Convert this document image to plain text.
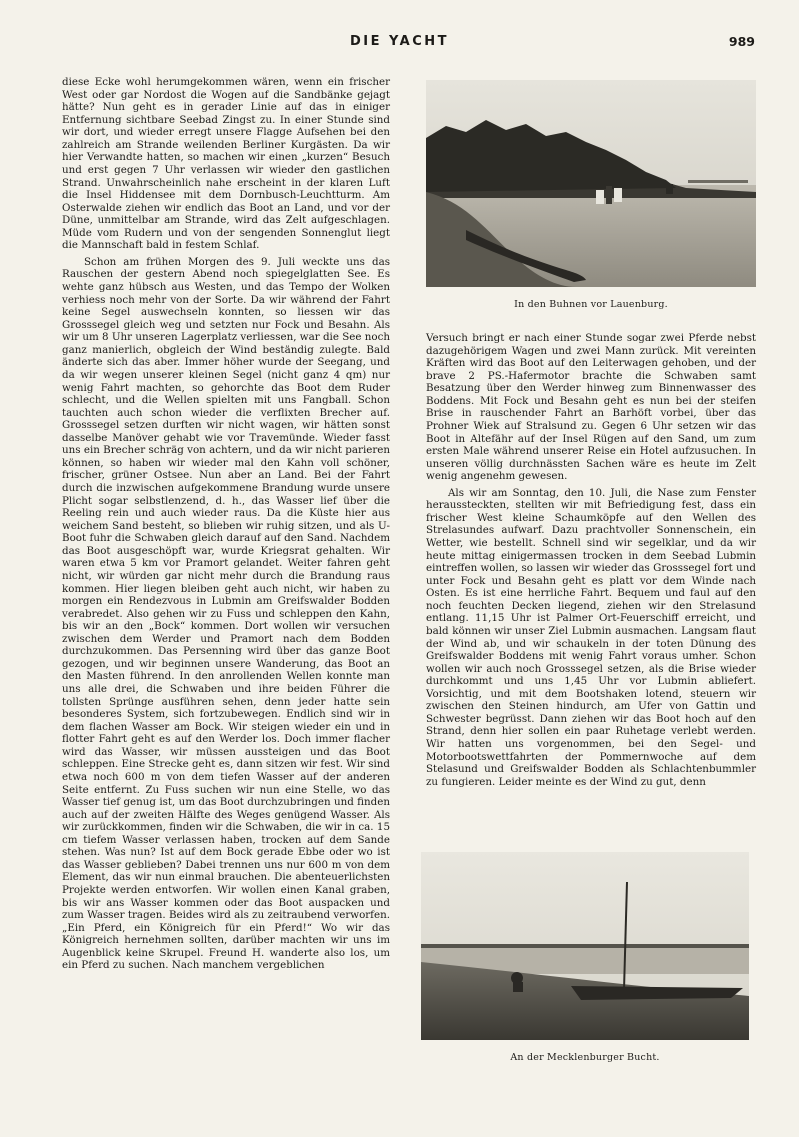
DIE YACHT	989

diese Ecke wohl herumgekommen wären, wenn ein frischer West oder gar Nordost die Wogen auf die Sandbänke gejagt hätte? Nun geht es in gerader Linie auf das in einiger Entfernung sichtbare Seebad Zingst zu. In einer Stunde sind wir dort, und wieder erregt unsere Flagge Aufsehen bei den zahlreich am Strande weilenden Berliner Kurgästen. Da wir hier Verwandte hatten, so machen wir einen „kurzen“ Besuch und erst gegen 7 Uhr verlassen wir wieder den gastlichen Strand. Unwahrscheinlich nahe erscheint in der klaren Luft die Insel Hiddensee mit dem Dornbusch-Leuchtturm. Am Osterwalde ziehen wir endlich das Boot an Land, und vor der Düne, unmittelbar am Strande, wird das Zelt aufgeschlagen. Müde vom Rudern und von der sengenden Sonnenglut liegt die Mannschaft bald in festem Schlaf.

Schon am frühen Morgen des 9. Juli weckte uns das Rauschen der gestern Abend noch spiegelglatten See. Es wehte ganz hübsch aus Westen, und das Tempo der Wolken verhiess noch mehr von der Sorte. Da wir während der Fahrt keine Segel auswechseln konnten, so liessen wir das Grosssegel gleich weg und setzten nur Fock und Besahn. Als wir um 8 Uhr unseren Lagerplatz verliessen, war die See noch ganz manierlich, obgleich der Wind beständig zulegte. Bald änderte sich das aber. Immer höher wurde der Seegang, und da wir wegen unserer kleinen Segel (nicht ganz 4 qm) nur wenig Fahrt machten, so gehorchte das Boot dem Ruder schlecht, und die Wellen spielten mit uns Fangball. Schon tauchten auch schon wieder die verflixten Brecher auf. Grosssegel setzen durften wir nicht wagen, wir hätten sonst dasselbe Manöver gehabt wie vor Travemünde. Wieder fasst uns ein Brecher schräg von achtern, und da wir nicht parieren können, so haben wir wieder mal den Kahn voll schöner, frischer, grüner Ostsee. Nun aber an Land. Bei der Fahrt durch die inzwischen aufgekommene Brandung wurde unsere Plicht sogar selbstlenzend, d. h., das Wasser lief über die Reeling rein und auch wieder raus. Da die Küste hier aus weichem Sand besteht, so blieben wir ruhig sitzen, und als U-Boot fuhr die Schwaben gleich darauf auf den Sand. Nachdem das Boot ausgeschöpft war, wurde Kriegsrat gehalten. Wir waren etwa 5 km vor Pramort gelandet. Weiter fahren geht nicht, wir würden gar nicht mehr durch die Brandung raus kommen. Hier liegen bleiben geht auch nicht, wir haben zu morgen ein Rendezvous in Lubmin am Greifswalder Bodden verabredet. Also gehen wir zu Fuss und schleppen den Kahn, bis wir an den „Bock“ kommen. Dort wollen wir versuchen zwischen dem Werder und Pramort nach dem Bodden durchzukommen. Das Persenning wird über das ganze Boot gezogen, und wir beginnen unsere Wanderung, das Boot an den Masten führend. In den anrollenden Wellen konnte man uns alle drei, die Schwaben und ihre beiden Führer die tollsten Sprünge ausführen sehen, denn jeder hatte sein besonderes System, sich fortzubewegen. Endlich sind wir in dem flachen Wasser am Bock. Wir steigen wieder ein und in flotter Fahrt geht es auf den Werder los. Doch immer flacher wird das Wasser, wir müssen aussteigen und das Boot schleppen. Eine Strecke geht es, dann sitzen wir fest. Wir sind etwa noch 600 m von dem tiefen Wasser auf der anderen Seite entfernt. Zu Fuss suchen wir nun eine Stelle, wo das Wasser tief genug ist, um das Boot durchzubringen und finden auch auf der zweiten Hälfte des Weges genügend Wasser. Als wir zurückkommen, finden wir die Schwaben, die wir in ca. 15 cm tiefem Wasser verlassen haben, trocken auf dem Sande stehen. Was nun? Ist auf dem Bock gerade Ebbe oder wo ist das Wasser geblieben? Dabei trennen uns nur 600 m von dem Element, das wir nun einmal brauchen. Die abenteuerlichsten Projekte werden entworfen. Wir wollen einen Kanal graben, bis wir ans Wasser kommen oder das Boot auspacken und zum Wasser tragen. Beides wird als zu zeitraubend verworfen. „Ein Pferd, ein Königreich für ein Pferd!“ Wo wir das Königreich hernehmen sollten, darüber machten wir uns im Augenblick keine Skrupel. Freund H. wanderte also los, um ein Pferd zu suchen. Nach manchem vergeblichen

In den Buhnen vor Lauenburg.

Versuch bringt er nach einer Stunde sogar zwei Pferde nebst dazugehörigem Wagen und zwei Mann zurück. Mit vereinten Kräften wird das Boot auf den Leiterwagen gehoben, und der brave 2 PS.-Hafermotor brachte die Schwaben samt Besatzung über den Werder hinweg zum Binnenwasser des Boddens. Mit Fock und Besahn geht es nun bei der steifen Brise in rauschender Fahrt an Barhöft vorbei, über das Prohner Wiek auf Stralsund zu. Gegen 6 Uhr setzen wir das Boot in Altefähr auf der Insel Rügen auf den Sand, um zum ersten Male während unserer Reise ein Hotel aufzusuchen. In unseren völlig durchnässten Sachen wäre es heute im Zelt wenig angenehm gewesen.

Als wir am Sonntag, den 10. Juli, die Nase zum Fenster heraussteckten, stellten wir mit Befriedigung fest, dass ein frischer West kleine Schaumköpfe auf den Wellen des Strelasundes aufwarf. Dazu prachtvoller Sonnenschein, ein Wetter, wie bestellt. Schnell sind wir segelklar, und da wir heute mittag einigermassen trocken in dem Seebad Lubmin eintreffen wollen, so lassen wir wieder das Grosssegel fort und unter Fock und Besahn geht es platt vor dem Winde nach Osten. Es ist eine herrliche Fahrt. Bequem und faul auf den noch feuchten Decken liegend, ziehen wir den Strelasund entlang. 11,15 Uhr ist Palmer Ort-Feuerschiff erreicht, und bald können wir unser Ziel Lubmin ausmachen. Langsam flaut der Wind ab, und wir schaukeln in der toten Dünung des Greifswalder Boddens mit wenig Fahrt voraus umher. Schon wollen wir auch noch Grosssegel setzen, als die Brise wieder durchkommt und uns 1,45 Uhr vor Lubmin abliefert. Vorsichtig, und mit dem Bootshaken lotend, steuern wir zwischen den Steinen hindurch, am Ufer von Gattin und Schwester begrüsst. Dann ziehen wir das Boot hoch auf den Strand, denn hier sollen ein paar Ruhetage verlebt werden. Wir hatten uns vorgenommen, bei den Segel- und Motorbootswettfahrten der Pommernwoche auf dem Stelasund und Greifswalder Bodden als Schlachtenbummler zu fungieren. Leider meinte es der Wind zu gut, denn

An der Mecklenburger Bucht.
